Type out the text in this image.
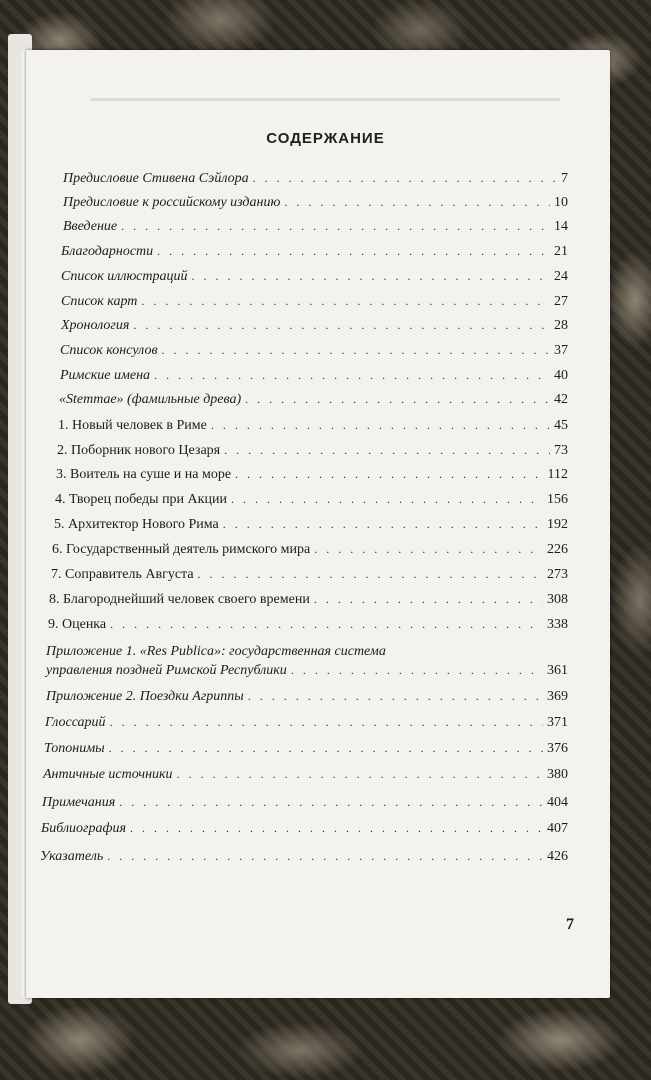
СОДЕРЖАНИЕ
Предисловие Стивена Сэйлора . . .	7
Предисловие к российскому изданию . . .	10
Введение . . .	14
Благодарности . . .	21
Список иллюстраций . . .	24
Список карт . . .	27
Хронология . . .	28
Список консулов . . .	37
Римские имена . . .	40
«Stemmae» (фамильные древа) . . .	42
1. Новый человек в Риме . . .	45
2. Поборник нового Цезаря . . .	73
3. Воитель на суше и на море . . .	112
4. Творец победы при Акции . . .	156
5. Архитектор Нового Рима . . .	192
6. Государственный деятель римского мира . . .	226
7. Соправитель Августа . . .	273
8. Благороднейший человек своего времени . . .	308
9. Оценка . . .	338
Приложение 1. «Res Publica»: государственная система
управления поздней Римской Республики . . .	361
Приложение 2. Поездки Агриппы . . .	369
Глоссарий . . .	371
Топонимы . . .	376
Античные источники . . .	380
Примечания . . .	404
Библиография . . .	407
Указатель . . .	426
7
